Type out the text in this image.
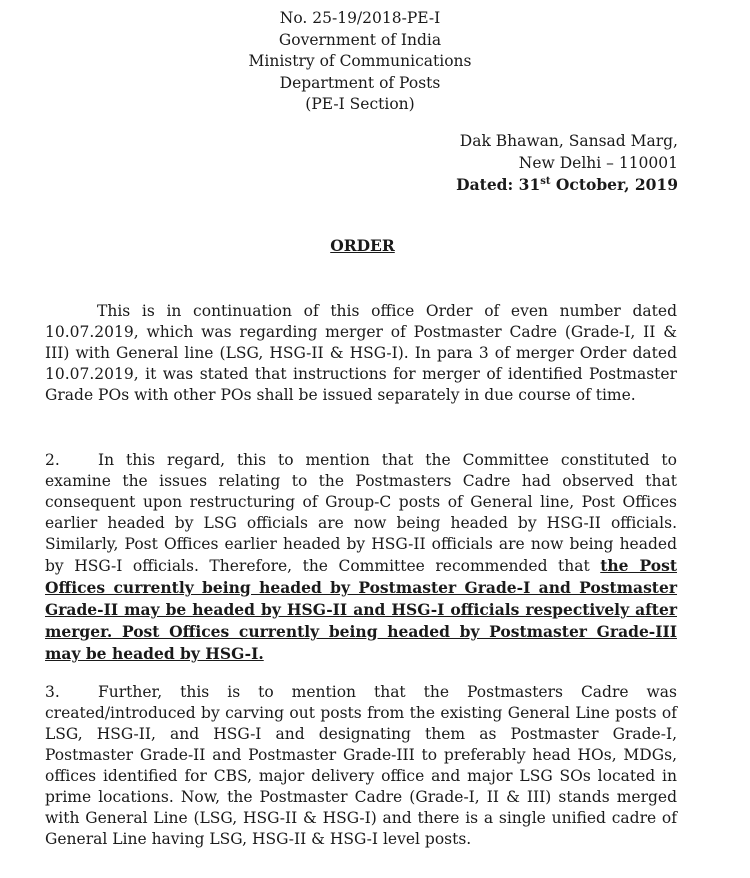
No. 25-19/2018-PE-I
Government of India
Ministry of Communications
Department of Posts
(PE-I Section)
Dak Bhawan, Sansad Marg,
New Delhi – 110001
Dated: 31st October, 2019
ORDER
This is in continuation of this office Order of even number dated 10.07.2019, which was regarding merger of Postmaster Cadre (Grade-I, II & III) with General line (LSG, HSG-II & HSG-I). In para 3 of merger Order dated 10.07.2019, it was stated that instructions for merger of identified Postmaster Grade POs with other POs shall be issued separately in due course of time.
2. In this regard, this to mention that the Committee constituted to examine the issues relating to the Postmasters Cadre had observed that consequent upon restructuring of Group-C posts of General line, Post Offices earlier headed by LSG officials are now being headed by HSG-II officials. Similarly, Post Offices earlier headed by HSG-II officials are now being headed by HSG-I officials. Therefore, the Committee recommended that the Post Offices currently being headed by Postmaster Grade-I and Postmaster Grade-II may be headed by HSG-II and HSG-I officials respectively after merger. Post Offices currently being headed by Postmaster Grade-III may be headed by HSG-I.
3. Further, this is to mention that the Postmasters Cadre was created/introduced by carving out posts from the existing General Line posts of LSG, HSG-II, and HSG-I and designating them as Postmaster Grade-I, Postmaster Grade-II and Postmaster Grade-III to preferably head HOs, MDGs, offices identified for CBS, major delivery office and major LSG SOs located in prime locations. Now, the Postmaster Cadre (Grade-I, II & III) stands merged with General Line (LSG, HSG-II & HSG-I) and there is a single unified cadre of General Line having LSG, HSG-II & HSG-I level posts.
